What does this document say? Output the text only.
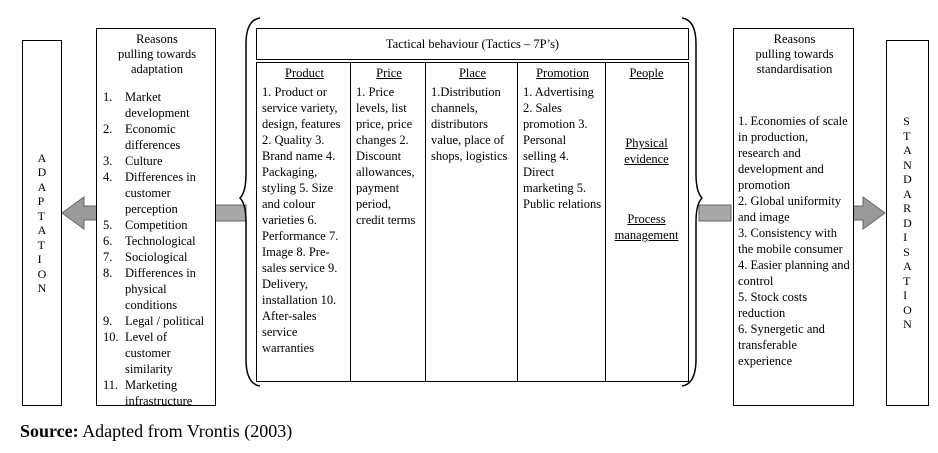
A
D
A
P
T
A
T
I
O
N
Reasons
pulling towards
adaptation
1.	Market development
2.	Economic differences
3.	Culture
4.	Differences in customer perception
5.	Competition
6.	Technological
7.	Sociological
8.	Differences in physical conditions
9.	Legal / political
10. Level of customer similarity
11. Marketing infrastructure
Tactical behaviour (Tactics – 7P’s)
Product
1. Product or service variety, design, features 2. Quality 3. Brand name 4. Packaging, styling 5. Size and colour varieties 6. Performance 7. Image 8. Pre-sales service 9. Delivery, installation 10. After-sales service warranties
Price
1. Price levels, list price, price changes 2. Discount allowances, payment period, credit terms
Place
1.Distribution channels, distributors value, place of shops, logistics
Promotion
1. Advertising 2. Sales promotion 3. Personal selling 4. Direct marketing 5. Public relations
People
Physical evidence
Process management
Reasons
pulling towards
standardisation
1. Economies of scale in production, research and development and promotion
2. Global uniformity and image
3. Consistency with the mobile consumer
4. Easier planning and control
5. Stock costs reduction
6. Synergetic and transferable experience
S
T
A
N
D
A
R
D
I
S
A
T
I
O
N
Source: Adapted from Vrontis (2003)
